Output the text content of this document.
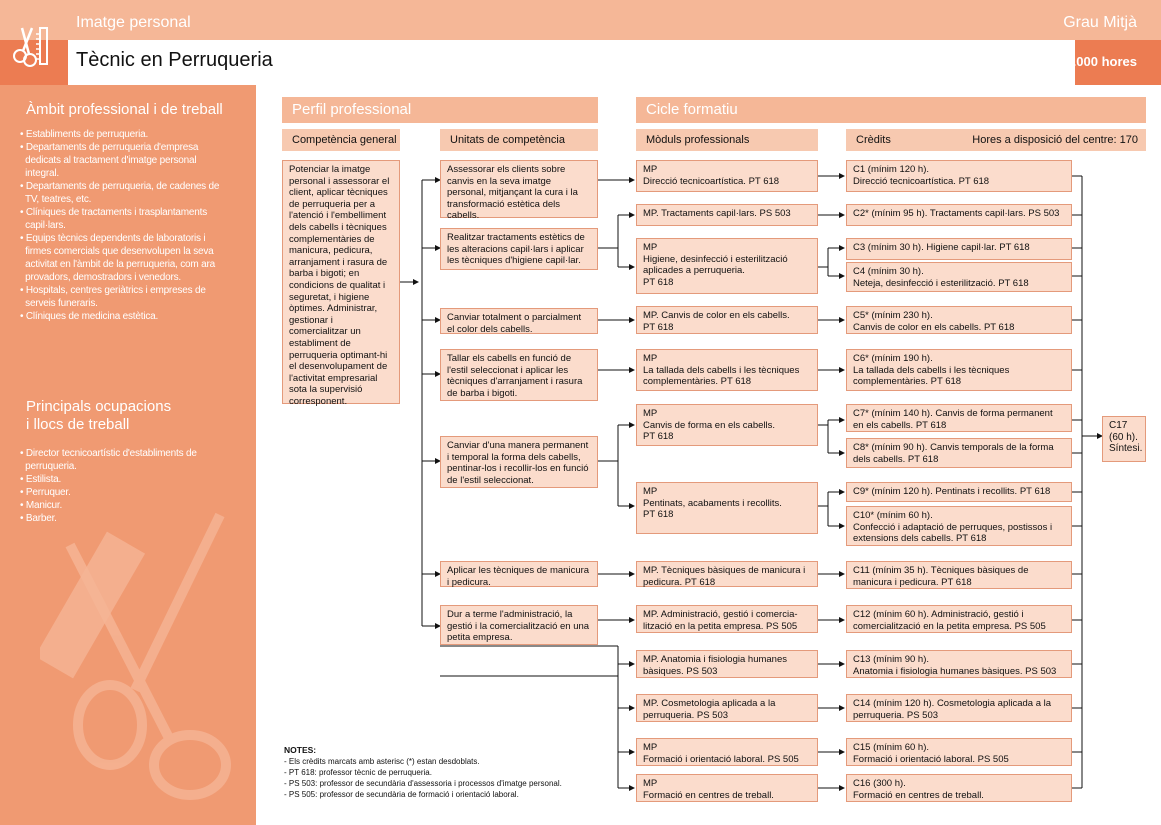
Imatge personal	Grau Mitjà
Tècnic en Perruqueria	2.000 hores
Àmbit professional i de treball
• Establiments de perruqueria.
• Departaments de perruqueria d'empresa
dedicats al tractament d'imatge personal
integral.
• Departaments de perruqueria, de cadenes de
TV, teatres, etc.
• Clíniques de tractaments i trasplantaments
capil·lars.
• Equips tècnics dependents de laboratoris i
firmes comercials que desenvolupen la seva
activitat en l'àmbit de la perruqueria, com ara
provadors, demostradors i venedors.
• Hospitals, centres geriàtrics i empreses de
serveis funeraris.
• Clíniques de medicina estètica.
Principals ocupacions
i llocs de treball
• Director tecnicoartístic d'establiments de
perruqueria.
• Estilista.
• Perruquer.
• Manicur.
• Barber.
Perfil professional	Cicle formatiu
Competència general	Unitats de competència	Mòduls professionals	Crèdits	Hores a disposició del centre: 170
Potenciar la imatge
personal i assessorar el
client, aplicar tècniques
de perruqueria per a
l'atenció i l'embelliment
dels cabells i tècniques
complementàries de
manicura, pedicura,
arranjament i rasura de
barba i bigoti; en
condicions de qualitat i
seguretat, i higiene
òptimes. Administrar,
gestionar i
comercialitzar un
establiment de
perruqueria optimant-hi
el desenvolupament de
l'activitat empresarial
sota la supervisió
corresponent.
C17
(60 h).
Síntesi.
NOTES:
- Els crèdits marcats amb asterisc (*) estan desdoblats.
- PT 618: professor tècnic de perruqueria.
- PS 503: professor de secundària d'assessoria i processos d'imatge personal.
- PS 505: professor de secundària de formació i orientació laboral.
Assessorar els clients sobre
canvis en la seva imatge
personal, mitjançant la cura i la
transformació estètica dels
cabells.
Realitzar tractaments estètics de
les alteracions capil·lars i aplicar
les tècniques d'higiene capil·lar.
Canviar totalment o parcialment
el color dels cabells.
Tallar els cabells en funció de
l'estil seleccionat i aplicar les
tècniques d'arranjament i rasura
de barba i bigoti.
Canviar d'una manera permanent
i temporal la forma dels cabells,
pentinar-los i recollir-los en funció
de l'estil seleccionat.
Aplicar les tècniques de manicura
i pedicura.
Dur a terme l'administració, la
gestió i la comercialització en una
petita empresa.
MP
Direcció tecnicoartística. PT 618
MP. Tractaments capil·lars. PS 503
MP
Higiene, desinfecció i esterilització
aplicades a perruqueria.
PT 618
MP. Canvis de color en els cabells.
PT 618
MP
La tallada dels cabells i les tècniques
complementàries. PT 618
MP
Canvis de forma en els cabells.
PT 618
MP
Pentinats, acabaments i recollits.
PT 618
MP. Tècniques bàsiques de manicura i
pedicura. PT 618
MP. Administració, gestió i comercia-
lització en la petita empresa. PS 505
MP. Anatomia i fisiologia humanes
bàsiques. PS 503
MP. Cosmetologia aplicada a la
perruqueria. PS 503
MP
Formació i orientació laboral. PS 505
MP
Formació en centres de treball.
C1 (mínim 120 h).
Direcció tecnicoartística. PT 618
C2* (mínim 95 h). Tractaments capil·lars. PS 503
C3 (mínim 30 h). Higiene capil·lar. PT 618
C4 (mínim 30 h).
Neteja, desinfecció i esterilització. PT 618
C5* (mínim 230 h).
Canvis de color en els cabells. PT 618
C6* (mínim 190 h).
La tallada dels cabells i les tècniques
complementàries. PT 618
C7* (mínim 140 h). Canvis de forma permanent
en els cabells. PT 618
C8* (mínim 90 h). Canvis temporals de la forma
dels cabells. PT 618
C9* (mínim 120 h). Pentinats i recollits. PT 618
C10* (mínim 60 h).
Confecció i adaptació de perruques, postissos i
extensions dels cabells. PT 618
C11 (mínim 35 h). Tècniques bàsiques de
manicura i pedicura. PT 618
C12 (mínim 60 h). Administració, gestió i
comercialització en la petita empresa. PS 505
C13 (mínim 90 h).
Anatomia i fisiologia humanes bàsiques. PS 503
C14 (mínim 120 h). Cosmetologia aplicada a la
perruqueria. PS 503
C15 (mínim 60 h).
Formació i orientació laboral. PS 505
C16 (300 h).
Formació en centres de treball.
